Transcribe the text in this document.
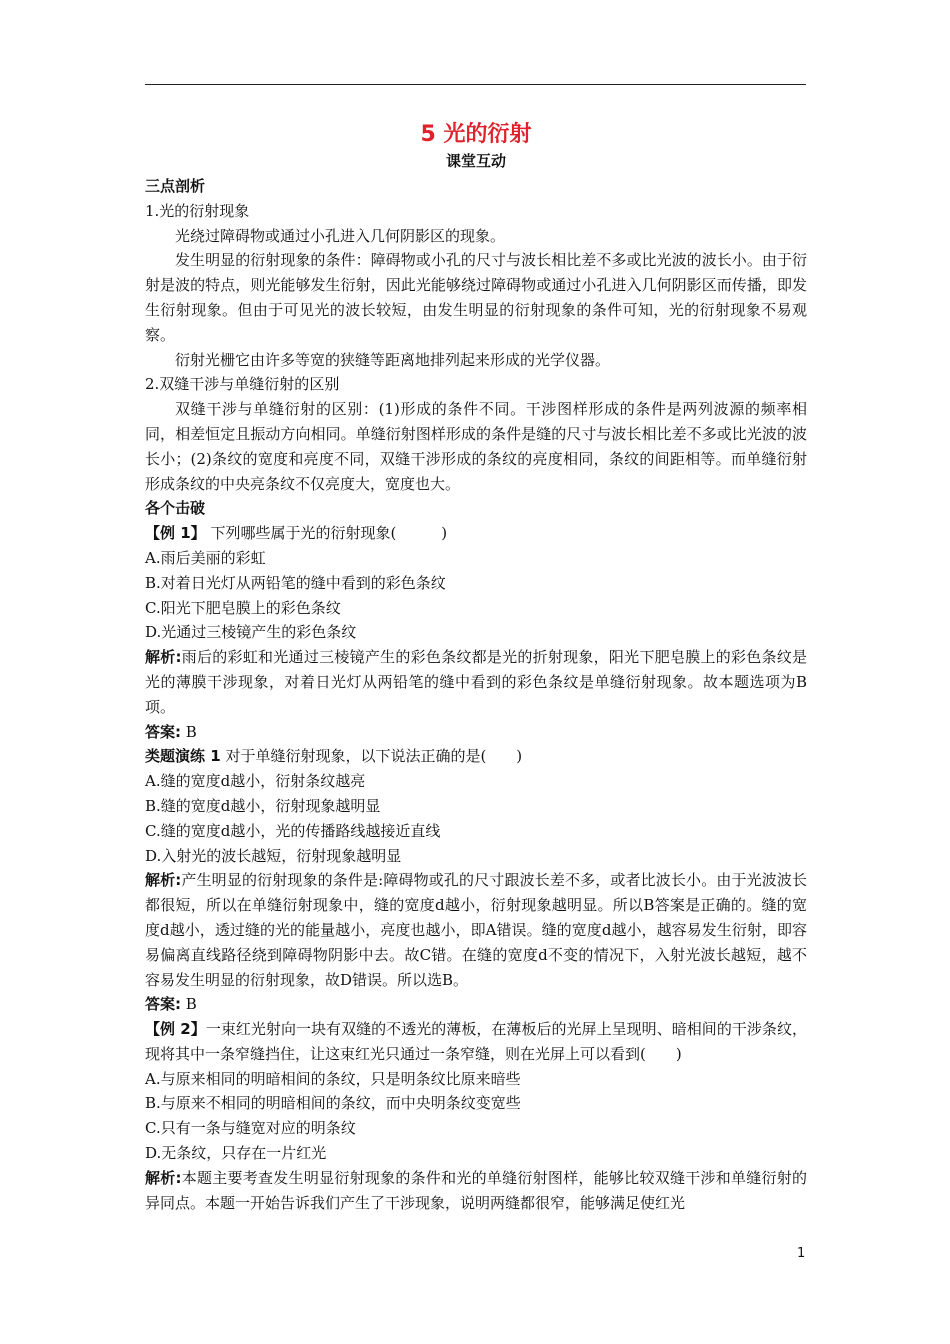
5 光的衍射
课堂互动

三点剖析

1.光的衍射现象

光绕过障碍物或通过小孔进入几何阴影区的现象。

发生明显的衍射现象的条件：障碍物或小孔的尺寸与波长相比差不多或比光波的波长小。由于衍射是波的特点，则光能够发生衍射，因此光能够绕过障碍物或通过小孔进入几何阴影区而传播，即发生衍射现象。但由于可见光的波长较短，由发生明显的衍射现象的条件可知，光的衍射现象不易观察。

衍射光栅它由许多等宽的狭缝等距离地排列起来形成的光学仪器。

2.双缝干涉与单缝衍射的区别

双缝干涉与单缝衍射的区别：(1)形成的条件不同。干涉图样形成的条件是两列波源的频率相同，相差恒定且振动方向相同。单缝衍射图样形成的条件是缝的尺寸与波长相比差不多或比光波的波长小；(2)条纹的宽度和亮度不同，双缝干涉形成的条纹的亮度相同，条纹的间距相等。而单缝衍射形成条纹的中央亮条纹不仅亮度大，宽度也大。

各个击破

【例 1】 下列哪些属于光的衍射现象(　　　)

A.雨后美丽的彩虹

B.对着日光灯从两铅笔的缝中看到的彩色条纹

C.阳光下肥皂膜上的彩色条纹

D.光通过三棱镜产生的彩色条纹

解析:雨后的彩虹和光通过三棱镜产生的彩色条纹都是光的折射现象，阳光下肥皂膜上的彩色条纹是光的薄膜干涉现象，对着日光灯从两铅笔的缝中看到的彩色条纹是单缝衍射现象。故本题选项为B项。

答案: B

类题演练 1 对于单缝衍射现象，以下说法正确的是(　　)

A.缝的宽度d越小，衍射条纹越亮

B.缝的宽度d越小，衍射现象越明显

C.缝的宽度d越小，光的传播路线越接近直线

D.入射光的波长越短，衍射现象越明显

解析:产生明显的衍射现象的条件是:障碍物或孔的尺寸跟波长差不多，或者比波长小。由于光波波长都很短，所以在单缝衍射现象中，缝的宽度d越小，衍射现象越明显。所以B答案是正确的。缝的宽度d越小，透过缝的光的能量越小，亮度也越小，即A错误。缝的宽度d越小，越容易发生衍射，即容易偏离直线路径绕到障碍物阴影中去。故C错。在缝的宽度d不变的情况下，入射光波长越短，越不容易发生明显的衍射现象，故D错误。所以选B。

答案: B

【例 2】一束红光射向一块有双缝的不透光的薄板，在薄板后的光屏上呈现明、暗相间的干涉条纹，现将其中一条窄缝挡住，让这束红光只通过一条窄缝，则在光屏上可以看到(　　)

A.与原来相同的明暗相间的条纹，只是明条纹比原来暗些

B.与原来不相同的明暗相间的条纹，而中央明条纹变宽些

C.只有一条与缝宽对应的明条纹

D.无条纹，只存在一片红光

解析:本题主要考查发生明显衍射现象的条件和光的单缝衍射图样，能够比较双缝干涉和单缝衍射的异同点。本题一开始告诉我们产生了干涉现象，说明两缝都很窄，能够满足使红光

1
